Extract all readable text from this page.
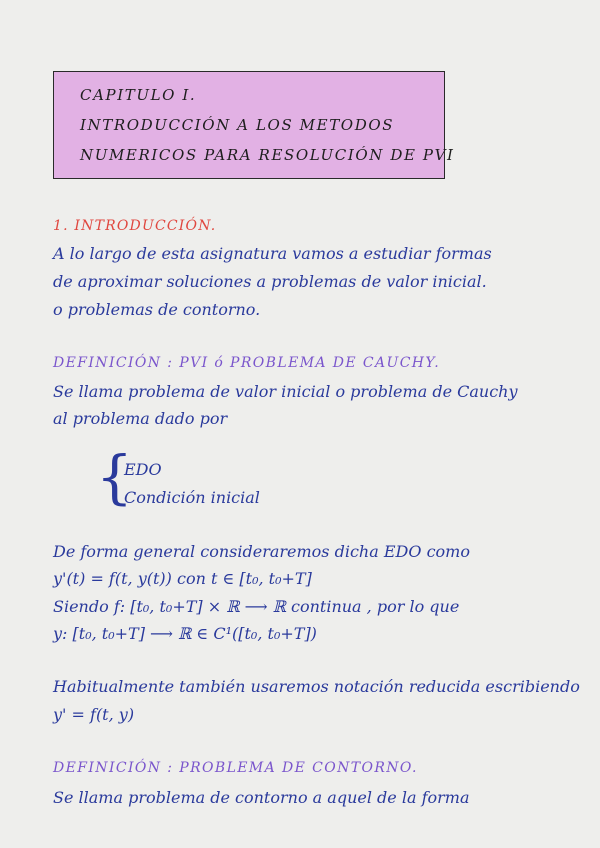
CAPITULO I.
INTRODUCCIÓN A LOS METODOS
NUMERICOS PARA RESOLUCIÓN DE PVI
1. INTRODUCCIÓN.
A lo largo de esta asignatura vamos a estudiar formas
de aproximar soluciones a problemas de valor inicial.
o problemas de contorno.
DEFINICIÓN : PVI ó PROBLEMA DE CAUCHY.
Se llama problema de valor inicial o problema de Cauchy
al problema dado por
{
EDO
Condición inicial
De forma general consideraremos dicha EDO como
y'(t) = f(t, y(t)) con t ∈ [t₀, t₀+T]
Siendo f: [t₀, t₀+T] × ℝ ⟶ ℝ continua , por lo que
y: [t₀, t₀+T] ⟶ ℝ ∈ C¹([t₀, t₀+T])
Habitualmente también usaremos notación reducida escribiendo
y' = f(t, y)
DEFINICIÓN : PROBLEMA DE CONTORNO.
Se llama problema de contorno a aquel de la forma
